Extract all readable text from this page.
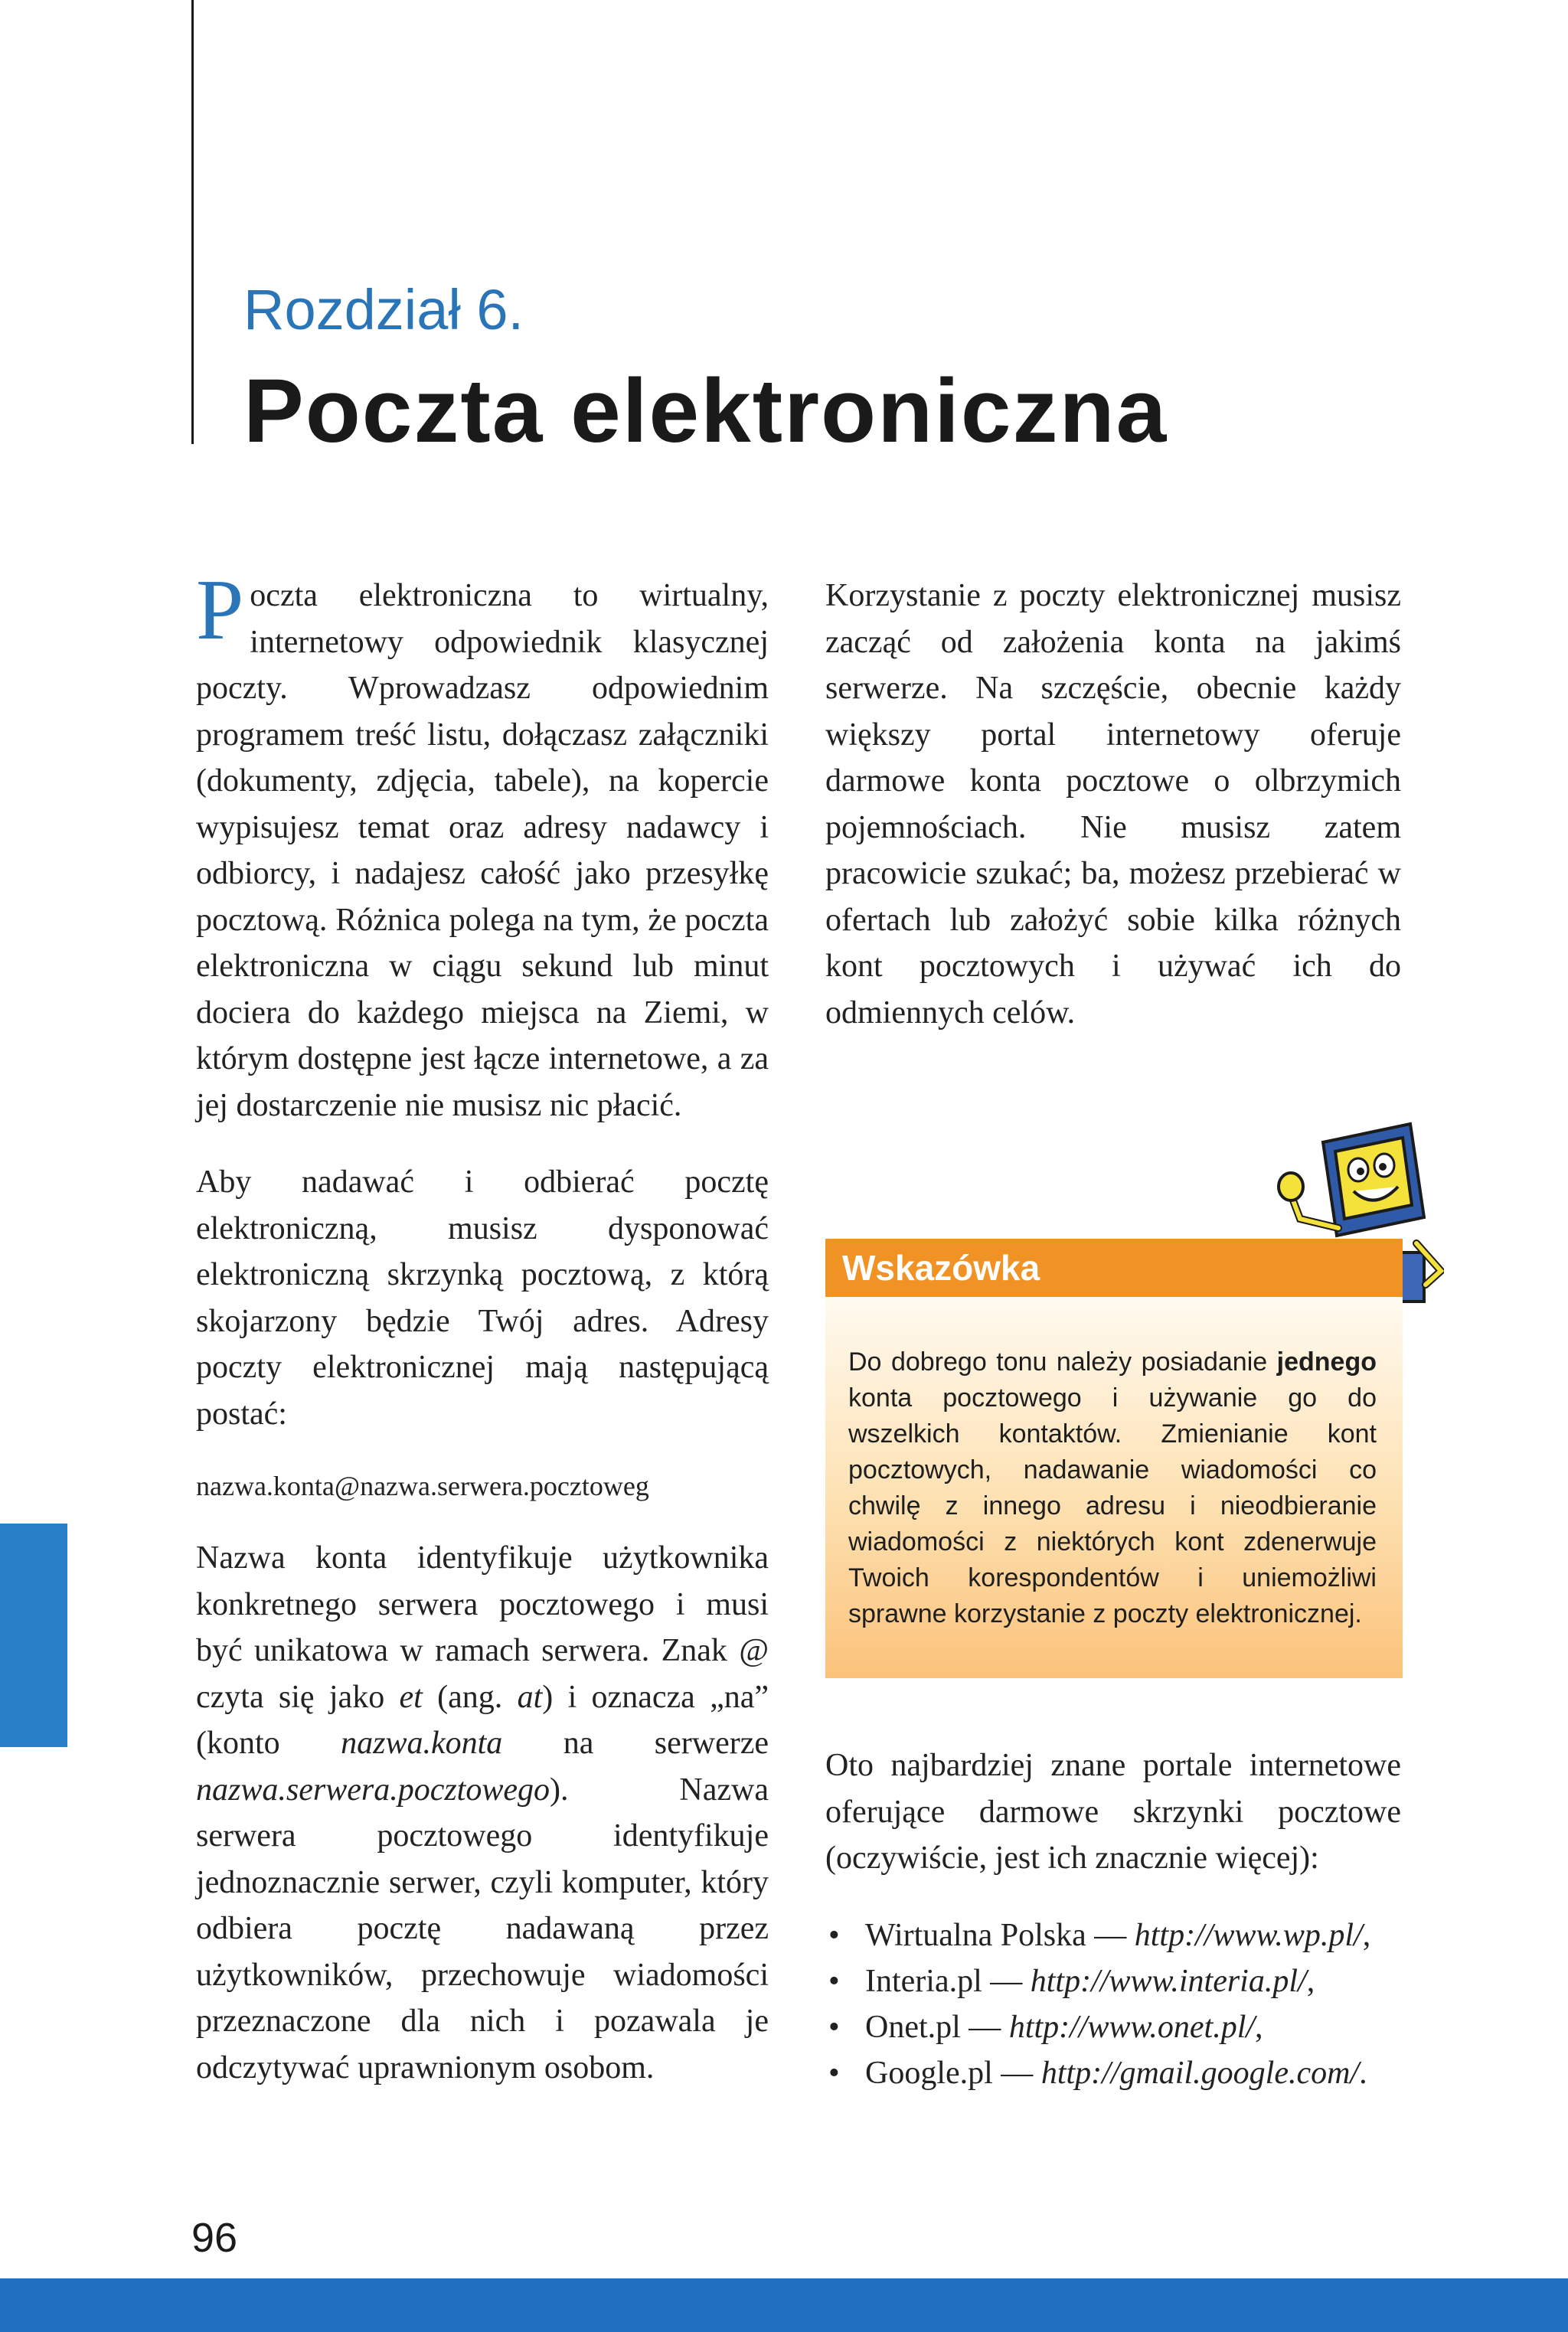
Rozdział 6.
Poczta elektroniczna

Poczta elektroniczna to wirtualny, internetowy odpowiednik klasycznej poczty. Wprowadzasz odpowiednim programem treść listu, dołączasz załączniki (dokumenty, zdjęcia, tabele), na kopercie wypisujesz temat oraz adresy nadawcy i odbiorcy, i nadajesz całość jako przesyłkę pocztową. Różnica polega na tym, że poczta elektroniczna w ciągu sekund lub minut dociera do każdego miejsca na Ziemi, w którym dostępne jest łącze internetowe, a za jej dostarczenie nie musisz nic płacić.

Aby nadawać i odbierać pocztę elektroniczną, musisz dysponować elektroniczną skrzynką pocztową, z którą skojarzony będzie Twój adres. Adresy poczty elektronicznej mają następującą postać:

nazwa.konta@nazwa.serwera.pocztoweg

Nazwa konta identyfikuje użytkownika konkretnego serwera pocztowego i musi być unikatowa w ramach serwera. Znak @ czyta się jako et (ang. at) i oznacza „na” (konto nazwa.konta na serwerze nazwa.serwera.pocztowego). Nazwa serwera pocztowego identyfikuje jednoznacznie serwer, czyli komputer, który odbiera pocztę nadawaną przez użytkowników, przechowuje wiadomości przeznaczone dla nich i pozawala je odczytywać uprawnionym osobom.

Korzystanie z poczty elektronicznej musisz zacząć od założenia konta na jakimś serwerze. Na szczęście, obecnie każdy większy portal internetowy oferuje darmowe konta pocztowe o olbrzymich pojemnościach. Nie musisz zatem pracowicie szukać; ba, możesz przebierać w ofertach lub założyć sobie kilka różnych kont pocztowych i używać ich do odmiennych celów.

Wskazówka
Do dobrego tonu należy posiadanie jednego konta pocztowego i używanie go do wszelkich kontaktów. Zmienianie kont pocztowych, nadawanie wiadomości co chwilę z innego adresu i nieodbieranie wiadomości z niektórych kont zdenerwuje Twoich korespondentów i uniemożliwi sprawne korzystanie z poczty elektronicznej.

Oto najbardziej znane portale internetowe oferujące darmowe skrzynki pocztowe (oczywiście, jest ich znacznie więcej):

• Wirtualna Polska — http://www.wp.pl/,
• Interia.pl — http://www.interia.pl/,
• Onet.pl — http://www.onet.pl/,
• Google.pl — http://gmail.google.com/.
96
